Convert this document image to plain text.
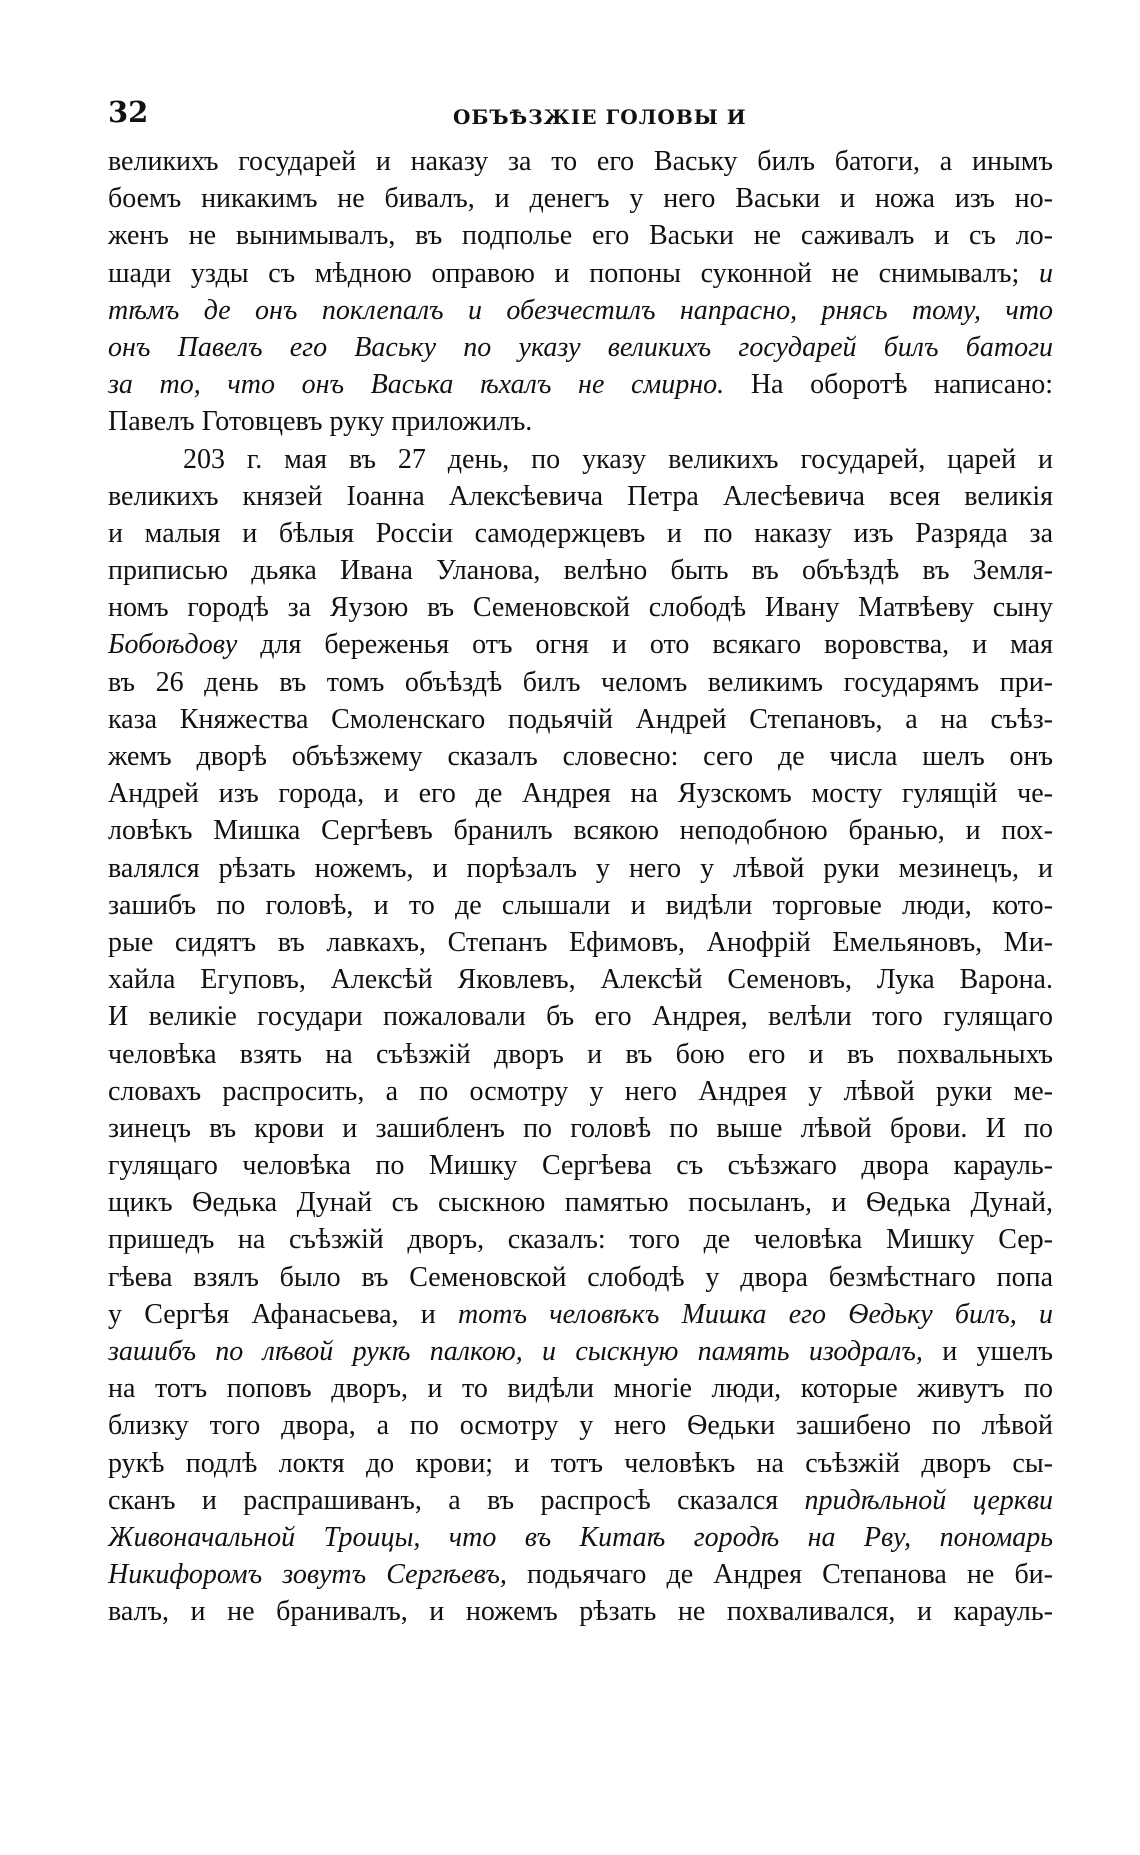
32	ОБЪѢЗЖІЕ ГОЛОВЫ И
великихъ государей и наказу за то его Ваську билъ батоги, а инымъ
боемъ никакимъ не бивалъ, и денегъ у него Васьки и ножа изъ но-
женъ не вынимывалъ, въ подполье его Васьки не саживалъ и съ ло-
шади узды съ мѣдною оправою и попоны суконной не снимывалъ; и
тѣмъ де онъ поклепалъ и обезчестилъ напрасно, рнясь тому, что
онъ Павелъ его Ваську по указу великихъ государей билъ батоги
за то, что онъ Васька ѣхалъ не смирно. На оборотѣ написано:
Павелъ Готовцевъ руку приложилъ.
203 г. мая въ 27 день, по указу великихъ государей, царей и
великихъ князей Іоанна Алексѣевича Петра Алесѣевича всея великія
и малыя и бѣлыя Россіи самодержцевъ и по наказу изъ Разряда за
приписью дьяка Ивана Уланова, велѣно быть въ объѣздѣ въ Земля-
номъ городѣ за Яузою въ Семеновской слободѣ Ивану Матвѣеву сыну
Бобоѣдову для береженья отъ огня и ото всякаго воровства, и мая
въ 26 день въ томъ объѣздѣ билъ челомъ великимъ государямъ при-
каза Княжества Смоленскаго подьячій Андрей Степановъ, а на съѣз-
жемъ дворѣ объѣзжему сказалъ словесно: сего де числа шелъ онъ
Андрей изъ города, и его де Андрея на Яузскомъ мосту гулящій че-
ловѣкъ Мишка Сергѣевъ бранилъ всякою неподобною бранью, и пох-
валялся рѣзать ножемъ, и порѣзалъ у него у лѣвой руки мезинецъ, и
зашибъ по головѣ, и то де слышали и видѣли торговые люди, кото-
рые сидятъ въ лавкахъ, Степанъ Ефимовъ, Анофрій Емельяновъ, Ми-
хайла Егуповъ, Алексѣй Яковлевъ, Алексѣй Семеновъ, Лука Варона.
И великіе государи пожаловали бъ его Андрея, велѣли того гулящаго
человѣка взять на съѣзжій дворъ и въ бою его и въ похвальныхъ
словахъ распросить, а по осмотру у него Андрея у лѣвой руки ме-
зинецъ въ крови и зашибленъ по головѣ по выше лѣвой брови. И по
гулящаго человѣка по Мишку Сергѣева съ съѣзжаго двора карауль-
щикъ Ѳедька Дунай съ сыскною памятью посыланъ, и Ѳедька Дунай,
пришедъ на съѣзжій дворъ, сказалъ: того де человѣка Мишку Сер-
гѣева взялъ было въ Семеновской слободѣ у двора безмѣстнаго попа
у Сергѣя Афанасьева, и тотъ человѣкъ Мишка его Ѳедьку билъ, и
зашибъ по лѣвой рукѣ палкою, и сыскную память изодралъ, и ушелъ
на тотъ поповъ дворъ, и то видѣли многіе люди, которые живутъ по
близку того двора, а по осмотру у него Ѳедьки зашибено по лѣвой
рукѣ подлѣ локтя до крови; и тотъ человѣкъ на съѣзжій дворъ сы-
сканъ и распрашиванъ, а въ распросѣ сказался придѣльной церкви
Живоначальной Троицы, что въ Китаѣ городѣ на Рву, пономарь
Никифоромъ зовутъ Сергѣевъ, подьячаго де Андрея Степанова не би-
валъ, и не бранивалъ, и ножемъ рѣзать не похваливался, и карауль-
